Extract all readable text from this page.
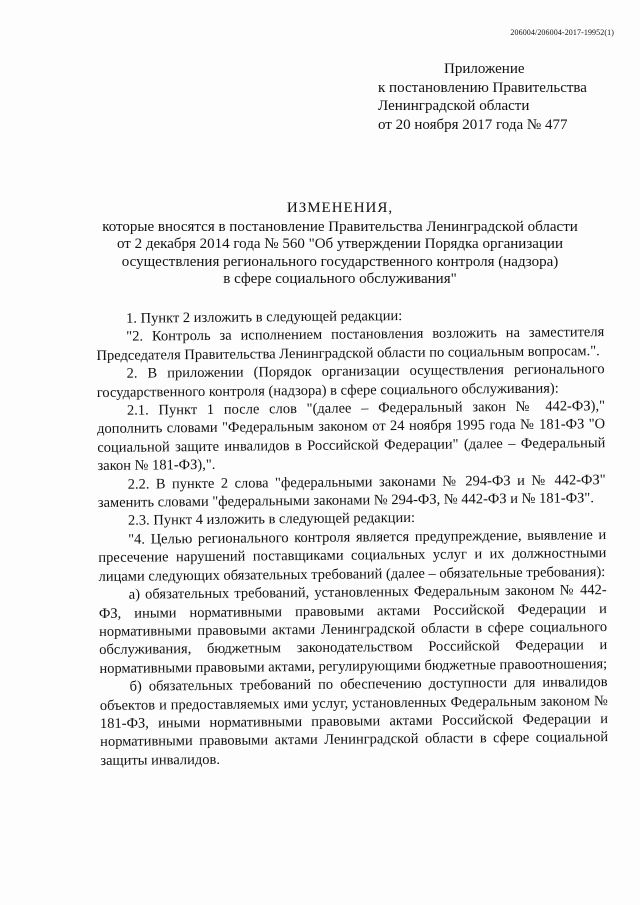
206004/206004-2017-19952(1)
Приложение
к постановлению Правительства
Ленинградской области
от 20 ноября 2017 года № 477
ИЗМЕНЕНИЯ,
которые вносятся в постановление Правительства Ленинградской области
от 2 декабря 2014 года № 560 "Об утверждении Порядка организации
осуществления регионального государственного контроля (надзора)
в сфере социального обслуживания"

1. Пункт 2 изложить в следующей редакции:

"2. Контроль за исполнением постановления возложить на заместителя Председателя Правительства Ленинградской области по социальным вопросам.".

2. В приложении (Порядок организации осуществления регионального государственного контроля (надзора) в сфере социального обслуживания):

2.1. Пункт 1 после слов "(далее – Федеральный закон № 442-ФЗ)," дополнить словами "Федеральным законом от 24 ноября 1995 года № 181-ФЗ "О социальной защите инвалидов в Российской Федерации" (далее – Федеральный закон № 181-ФЗ),".

2.2. В пункте 2 слова "федеральными законами № 294-ФЗ и № 442-ФЗ" заменить словами "федеральными законами № 294-ФЗ, № 442-ФЗ и № 181-ФЗ".

2.3. Пункт 4 изложить в следующей редакции:

"4. Целью регионального контроля является предупреждение, выявление и пресечение нарушений поставщиками социальных услуг и их должностными лицами следующих обязательных требований (далее – обязательные требования):

а) обязательных требований, установленных Федеральным законом № 442-ФЗ, иными нормативными правовыми актами Российской Федерации и нормативными правовыми актами Ленинградской области в сфере социального обслуживания, бюджетным законодательством Российской Федерации и нормативными правовыми актами, регулирующими бюджетные правоотношения;

б) обязательных требований по обеспечению доступности для инвалидов объектов и предоставляемых ими услуг, установленных Федеральным законом № 181-ФЗ, иными нормативными правовыми актами Российской Федерации и нормативными правовыми актами Ленинградской области в сфере социальной защиты инвалидов.
